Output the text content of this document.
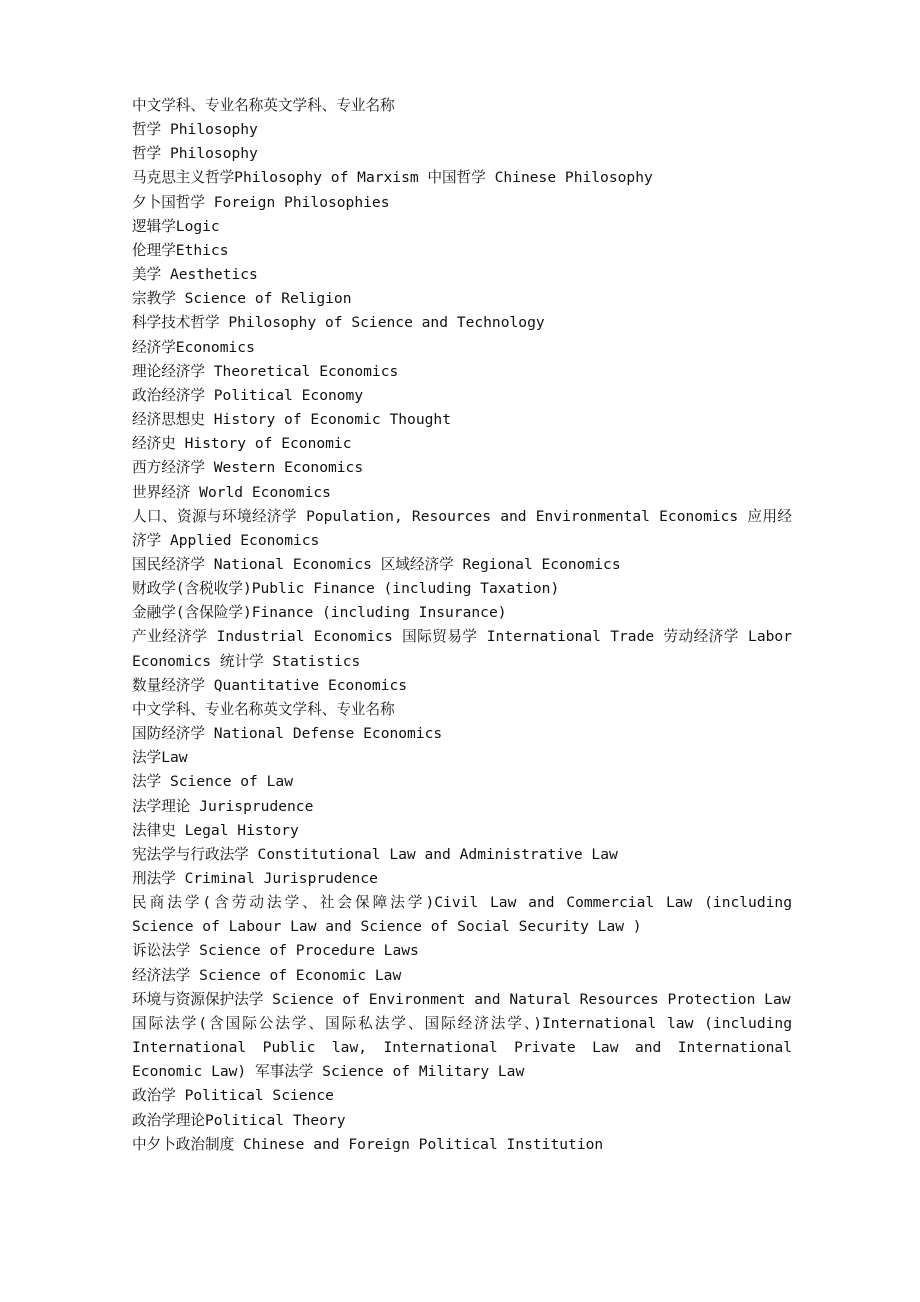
中文学科、专业名称英文学科、专业名称
哲学 Philosophy
哲学 Philosophy
马克思主义哲学Philosophy of Marxism 中国哲学 Chinese Philosophy
夕卜国哲学 Foreign Philosophies
逻辑学Logic
伦理学Ethics
美学 Aesthetics
宗教学 Science of Religion
科学技术哲学 Philosophy of Science and Technology
经济学Economics
理论经济学 Theoretical Economics
政治经济学 Political Economy
经济思想史 History of Economic Thought
经济史 History of Economic
西方经济学 Western Economics
世界经济 World Economics
人口、资源与环境经济学 Population, Resources and Environmental Economics 应用经济学 Applied Economics
国民经济学 National Economics 区域经济学 Regional Economics
财政学(含税收学)Public Finance (including Taxation)
金融学(含保险学)Finance (including Insurance)
产业经济学 Industrial Economics 国际贸易学 International Trade 劳动经济学 Labor Economics 统计学 Statistics
数量经济学 Quantitative Economics
中文学科、专业名称英文学科、专业名称
国防经济学 National Defense Economics
法学Law
法学 Science of Law
法学理论 Jurisprudence
法律史 Legal History
宪法学与行政法学 Constitutional Law and Administrative Law
刑法学 Criminal Jurisprudence
民商法学(含劳动法学、社会保障法学)Civil Law and Commercial Law (including Science of Labour Law and Science of Social Security Law )
诉讼法学 Science of Procedure Laws
经济法学 Science of Economic Law
环境与资源保护法学 Science of Environment and Natural Resources Protection Law
国际法学(含国际公法学、国际私法学、国际经济法学、)International law (including International Public law, International Private Law and International Economic Law) 军事法学 Science of Military Law
政治学 Political Science
政治学理论Political Theory
中夕卜政治制度 Chinese and Foreign Political Institution
